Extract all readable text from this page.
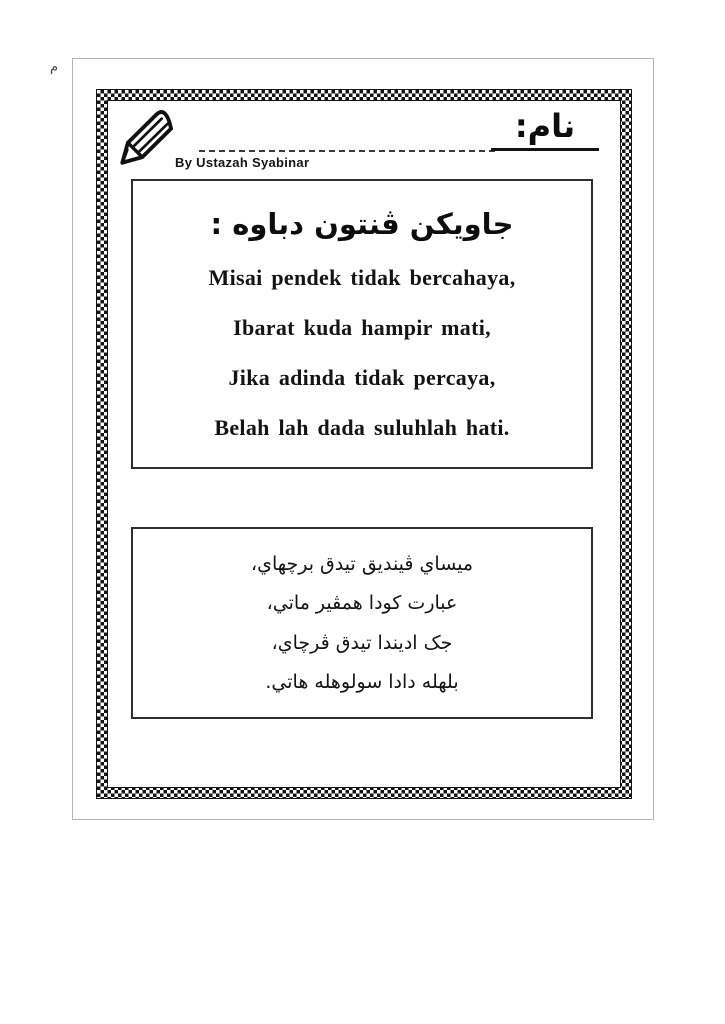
م
By Ustazah Syabinar
نام:
جاويكن ڤنتون دباوه :
Misai pendek tidak bercahaya,
Ibarat kuda hampir mati,
Jika adinda tidak percaya,
Belah lah dada suluhlah hati.
ميساي ڤينديق تيدق برچهاي،
عبارت كودا همڤير ماتي،
جک اديندا تيدق ڤرچاي،
بلهله دادا سولوهله هاتي.
